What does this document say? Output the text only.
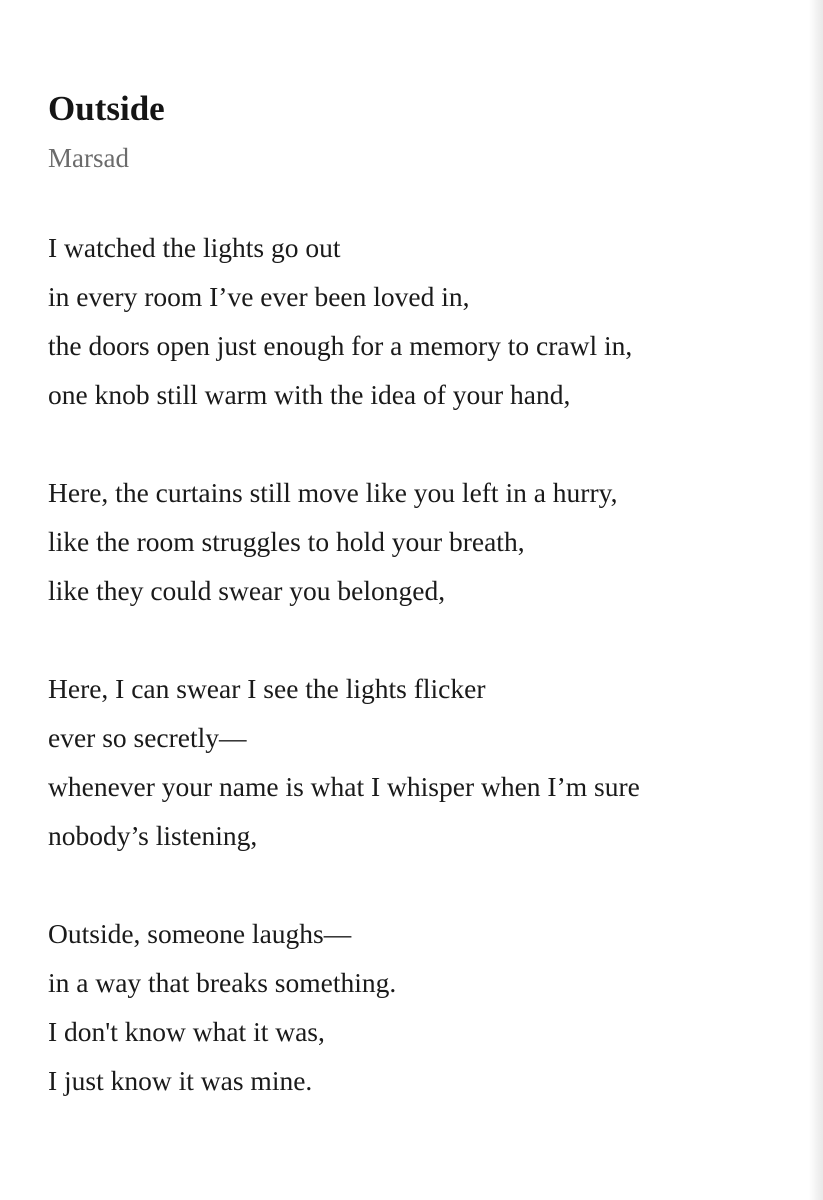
Outside
Marsad
I watched the lights go out
in every room I’ve ever been loved in,
the doors open just enough for a memory to crawl in,
one knob still warm with the idea of your hand,
Here, the curtains still move like you left in a hurry,
like the room struggles to hold your breath,
like they could swear you belonged,
Here, I can swear I see the lights flicker
ever so secretly—
whenever your name is what I whisper when I’m sure
nobody’s listening,
Outside, someone laughs—
in a way that breaks something.
I don't know what it was,
I just know it was mine.
